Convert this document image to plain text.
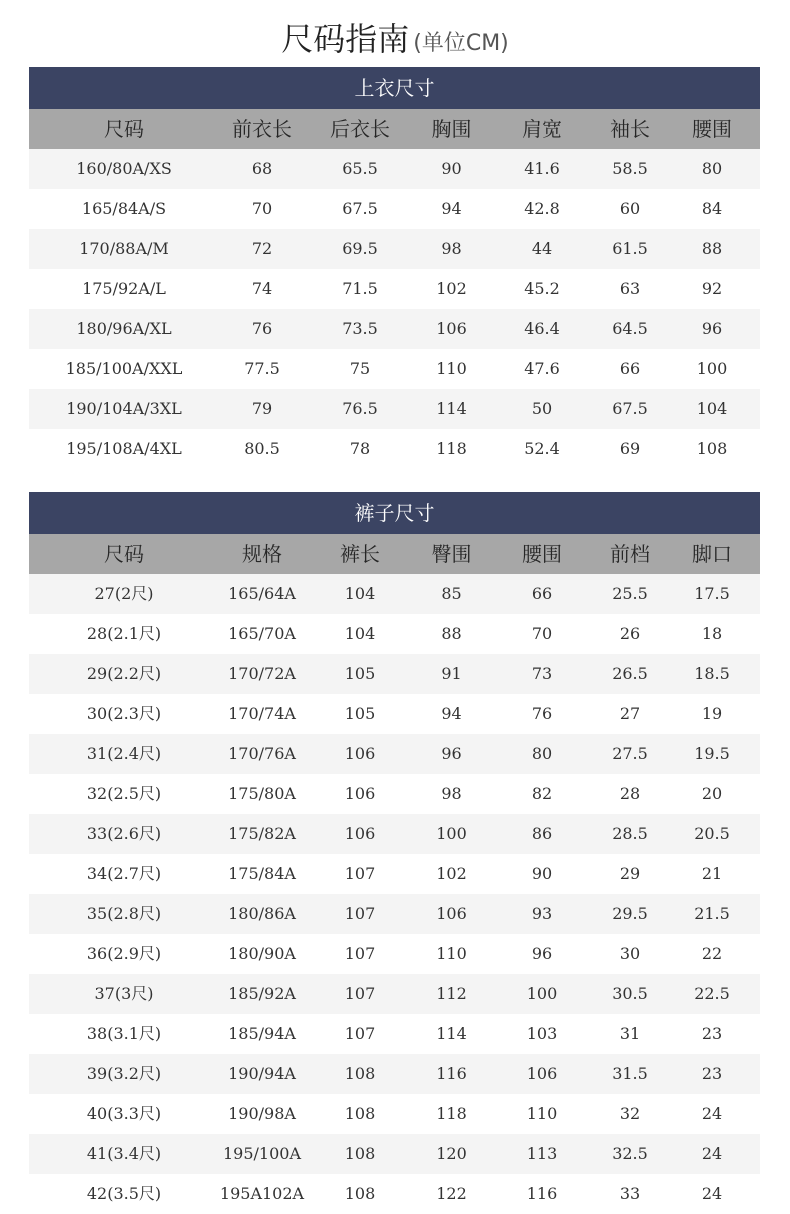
尺码指南 (单位CM)
上衣尺寸
尺码	前衣长	后衣长	胸围	肩宽	袖长	腰围
160/80A/XS	68	65.5	90	41.6	58.5	80
165/84A/S	70	67.5	94	42.8	60	84
170/88A/M	72	69.5	98	44	61.5	88
175/92A/L	74	71.5	102	45.2	63	92
180/96A/XL	76	73.5	106	46.4	64.5	96
185/100A/XXL	77.5	75	110	47.6	66	100
190/104A/3XL	79	76.5	114	50	67.5	104
195/108A/4XL	80.5	78	118	52.4	69	108
裤子尺寸
尺码	规格	裤长	臀围	腰围	前档	脚口
27(2尺)	165/64A	104	85	66	25.5	17.5
28(2.1尺)	165/70A	104	88	70	26	18
29(2.2尺)	170/72A	105	91	73	26.5	18.5
30(2.3尺)	170/74A	105	94	76	27	19
31(2.4尺)	170/76A	106	96	80	27.5	19.5
32(2.5尺)	175/80A	106	98	82	28	20
33(2.6尺)	175/82A	106	100	86	28.5	20.5
34(2.7尺)	175/84A	107	102	90	29	21
35(2.8尺)	180/86A	107	106	93	29.5	21.5
36(2.9尺)	180/90A	107	110	96	30	22
37(3尺)	185/92A	107	112	100	30.5	22.5
38(3.1尺)	185/94A	107	114	103	31	23
39(3.2尺)	190/94A	108	116	106	31.5	23
40(3.3尺)	190/98A	108	118	110	32	24
41(3.4尺)	195/100A	108	120	113	32.5	24
42(3.5尺)	195A102A	108	122	116	33	24
